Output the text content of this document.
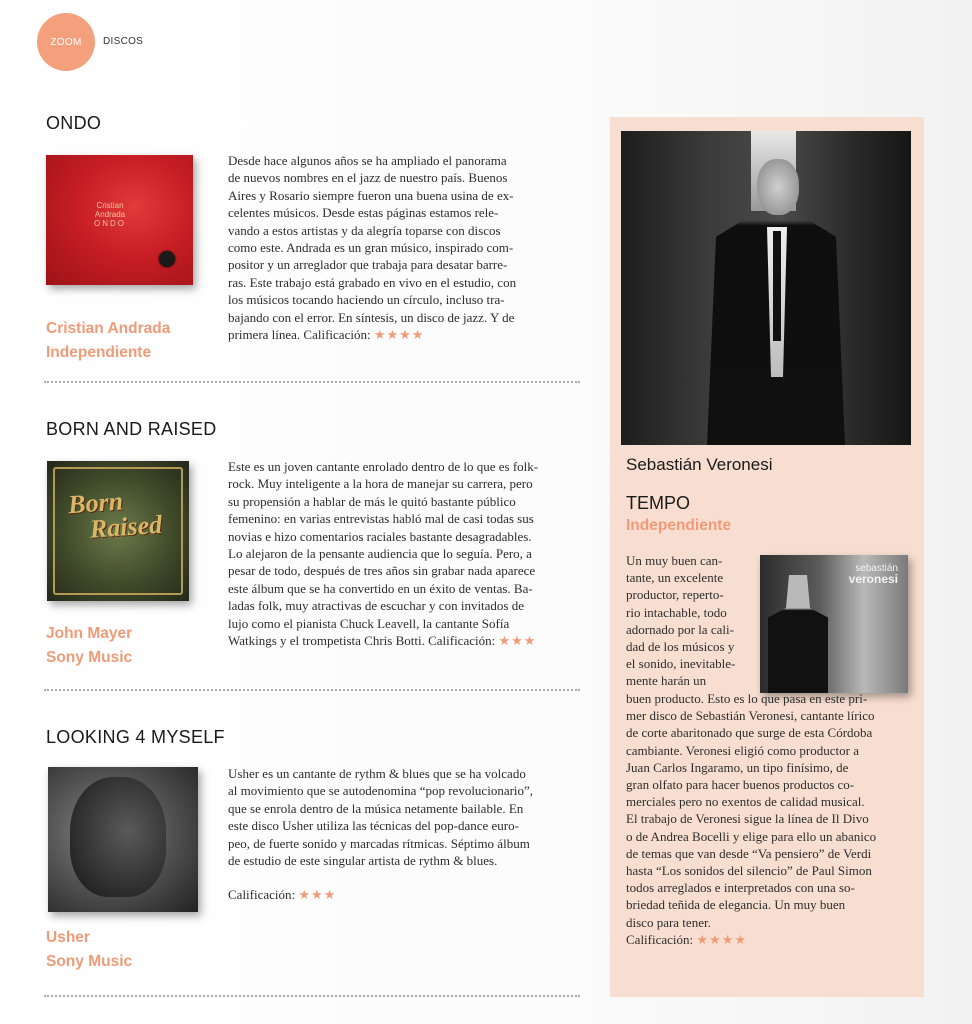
ZOOM	DISCOS
ONDO
Cristian
Andrada
ONDO
Cristian Andrada
Independiente
Desde hace algunos años se ha ampliado el panorama
de nuevos nombres en el jazz de nuestro país. Buenos
Aires y Rosario siempre fueron una buena usina de ex-
celentes músicos. Desde estas páginas estamos rele-
vando a estos artistas y da alegría toparse con discos
como este. Andrada es un gran músico, inspirado com-
positor y un arreglador que trabaja para desatar barre-
ras. Este trabajo está grabado en vivo en el estudio, con
los músicos tocando haciendo un círculo, incluso tra-
bajando con el error. En síntesis, un disco de jazz. Y de
primera línea. Calificación: ★★★★
BORN AND RAISED
Born
Raised
John Mayer
Sony Music
Este es un joven cantante enrolado dentro de lo que es folk-
rock. Muy inteligente a la hora de manejar su carrera, pero
su propensión a hablar de más le quitó bastante público
femenino: en varias entrevistas habló mal de casi todas sus
novias e hizo comentarios raciales bastante desagradables.
Lo alejaron de la pensante audiencia que lo seguía. Pero, a
pesar de todo, después de tres años sin grabar nada aparece
este álbum que se ha convertido en un éxito de ventas. Ba-
ladas folk, muy atractivas de escuchar y con invitados de
lujo como el pianista Chuck Leavell, la cantante Sofía
Watkings y el trompetista Chris Botti. Calificación: ★★★
LOOKING 4 MYSELF
Usher
Sony Music
Usher es un cantante de rythm & blues que se ha volcado
al movimiento que se autodenomina “pop revolucionario”,
que se enrola dentro de la música netamente bailable. En
este disco Usher utiliza las técnicas del pop-dance euro-
peo, de fuerte sonido y marcadas rítmicas. Séptimo álbum
de estudio de este singular artista de rythm & blues.
Calificación: ★★★
Sebastián Veronesi
TEMPO
Independiente
sebastián
veronesi
Un muy buen can-
tante, un excelente
productor, reperto-
rio intachable, todo
adornado por la cali-
dad de los músicos y
el sonido, inevitable-
mente harán un
buen producto. Esto es lo que pasa en este pri-
mer disco de Sebastián Veronesi, cantante lírico
de corte abaritonado que surge de esta Córdoba
cambiante. Veronesi eligió como productor a
Juan Carlos Ingaramo, un tipo finísimo, de
gran olfato para hacer buenos productos co-
merciales pero no exentos de calidad musical.
El trabajo de Veronesi sigue la línea de Il Divo
o de Andrea Bocelli y elige para ello un abanico
de temas que van desde “Va pensiero” de Verdi
hasta “Los sonidos del silencio” de Paul Simon
todos arreglados e interpretados con una so-
briedad teñida de elegancia. Un muy buen
disco para tener.
Calificación: ★★★★
